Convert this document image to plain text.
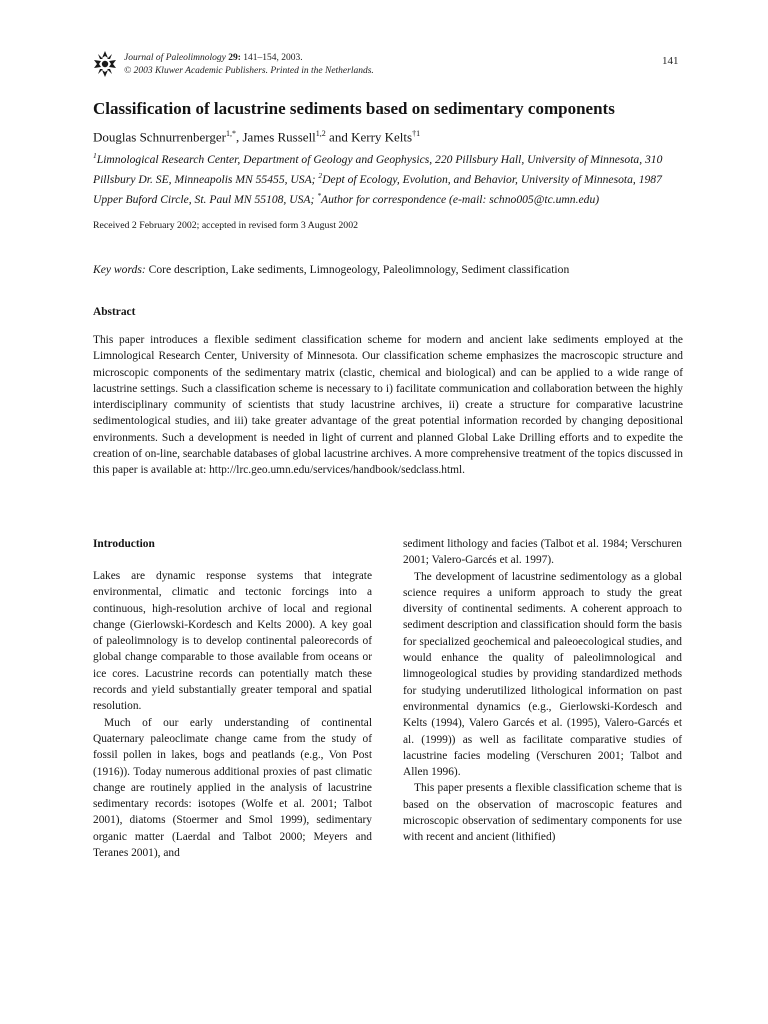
Journal of Paleolimnology 29: 141–154, 2003.
© 2003 Kluwer Academic Publishers. Printed in the Netherlands.
141
Classification of lacustrine sediments based on sedimentary components
Douglas Schnurrenberger$^{1,*}$, James Russell$^{1,2}$ and Kerry Kelts$^{\dagger 1}$
$^1$Limnological Research Center, Department of Geology and Geophysics, 220 Pillsbury Hall, University of Minnesota, 310 Pillsbury Dr. SE, Minneapolis MN 55455, USA; $^2$Dept of Ecology, Evolution, and Behavior, University of Minnesota, 1987 Upper Buford Circle, St. Paul MN 55108, USA; *Author for correspondence (e-mail: schno005@tc.umn.edu)
Received 2 February 2002; accepted in revised form 3 August 2002
Key words: Core description, Lake sediments, Limnogeology, Paleolimnology, Sediment classification
Abstract

This paper introduces a flexible sediment classification scheme for modern and ancient lake sediments employed at the Limnological Research Center, University of Minnesota. Our classification scheme emphasizes the macroscopic structure and microscopic components of the sedimentary matrix (clastic, chemical and biological) and can be applied to a wide range of lacustrine settings. Such a classification scheme is necessary to i) facilitate communication and collaboration between the highly interdisciplinary community of scientists that study lacustrine archives, ii) create a structure for comparative lacustrine sedimentological studies, and iii) take greater advantage of the great potential information recorded by changing depositional environments. Such a development is needed in light of current and planned Global Lake Drilling efforts and to expedite the creation of on-line, searchable databases of global lacustrine archives. A more comprehensive treatment of the topics discussed in this paper is available at: http://lrc.geo.umn.edu/services/handbook/sedclass.html.

Introduction

Lakes are dynamic response systems that integrate environmental, climatic and tectonic forcings into a continuous, high-resolution archive of local and regional change (Gierlowski-Kordesch and Kelts 2000). A key goal of paleolimnology is to develop continental paleorecords of global change comparable to those available from oceans or ice cores. Lacustrine records can potentially match these records and yield substantially greater temporal and spatial resolution.

Much of our early understanding of continental Quaternary paleoclimate change came from the study of fossil pollen in lakes, bogs and peatlands (e.g., Von Post (1916)). Today numerous additional proxies of past climatic change are routinely applied in the analysis of lacustrine sedimentary records: isotopes (Wolfe et al. 2001; Talbot 2001), diatoms (Stoermer and Smol 1999), sedimentary organic matter (Laerdal and Talbot 2000; Meyers and Teranes 2001), and

sediment lithology and facies (Talbot et al. 1984; Verschuren 2001; Valero-Garcés et al. 1997).

The development of lacustrine sedimentology as a global science requires a uniform approach to study the great diversity of continental sediments. A coherent approach to sediment description and classification should form the basis for specialized geochemical and paleoecological studies, and would enhance the quality of paleolimnological and limnogeological studies by providing standardized methods for studying underutilized lithological information on past environmental dynamics (e.g., Gierlowski-Kordesch and Kelts (1994), Valero Garcés et al. (1995), Valero-Garcés et al. (1999)) as well as facilitate comparative studies of lacustrine facies modeling (Verschuren 2001; Talbot and Allen 1996).

This paper presents a flexible classification scheme that is based on the observation of macroscopic features and microscopic observation of sedimentary components for use with recent and ancient (lithified)
